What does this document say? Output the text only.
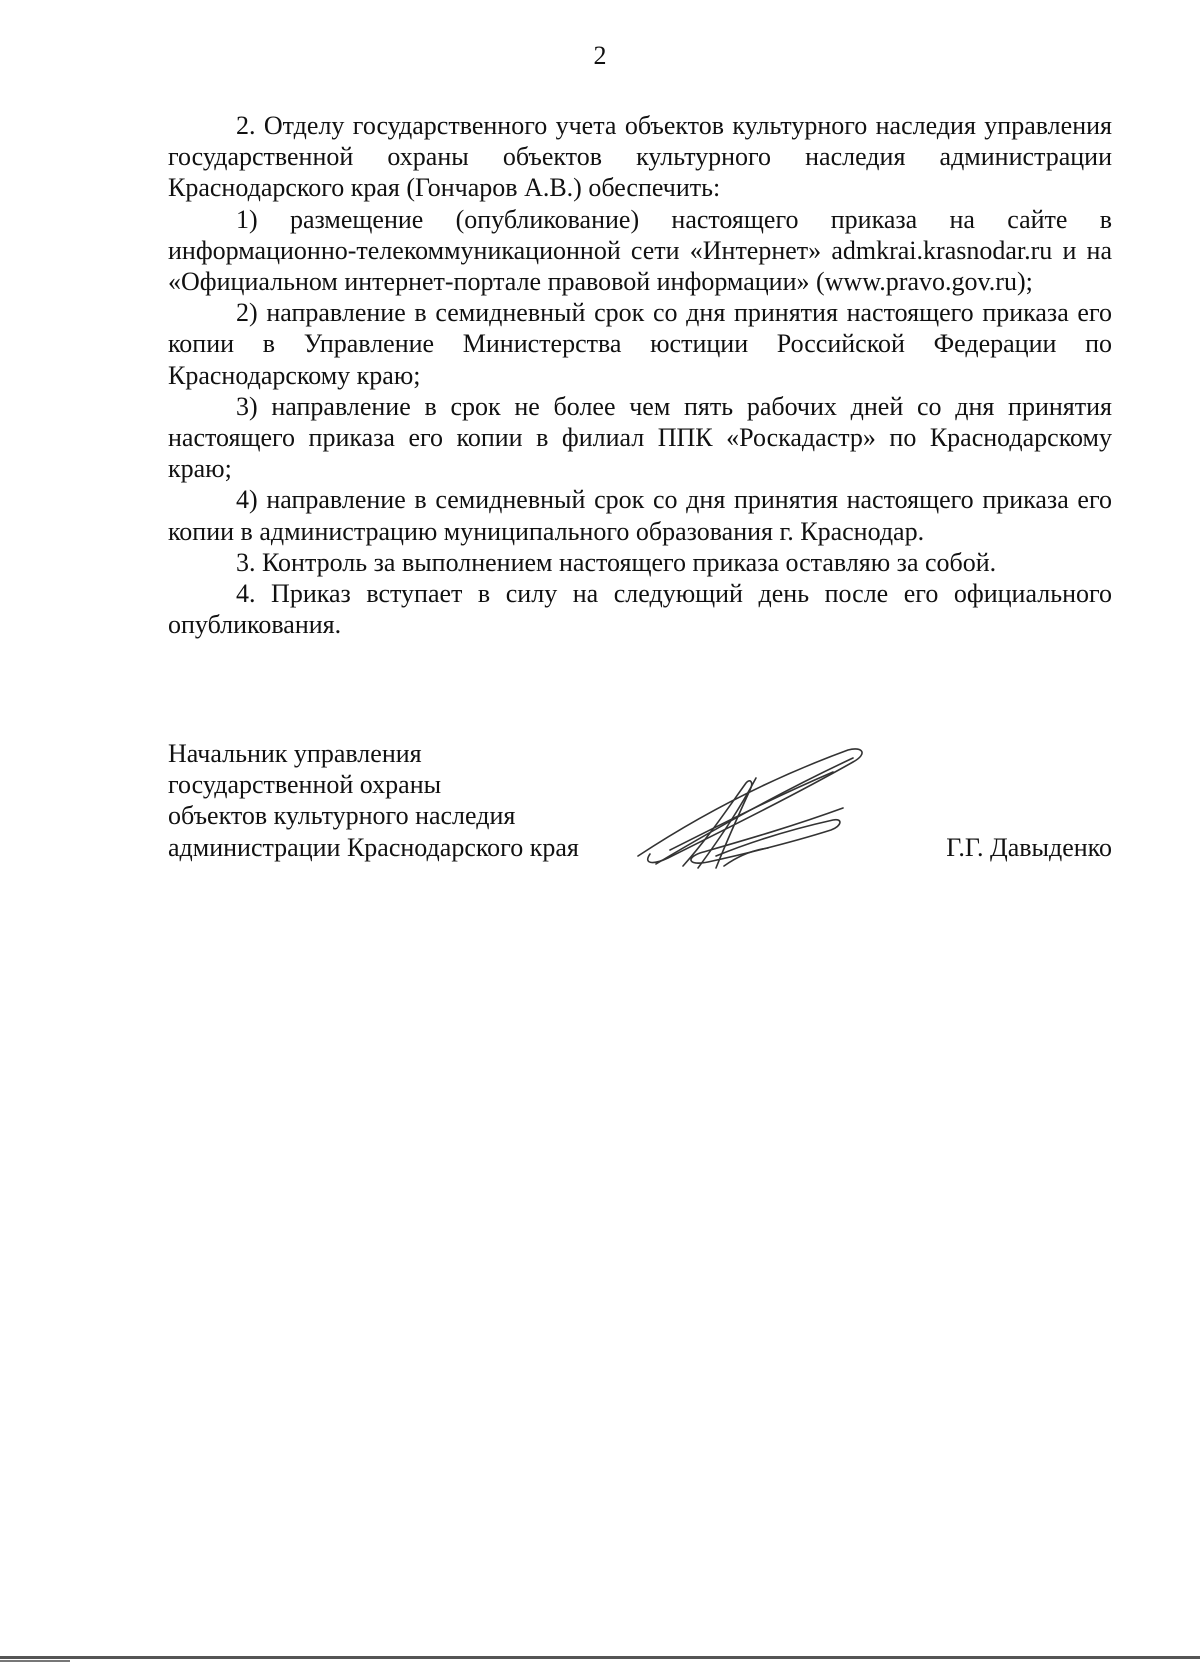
2

2. Отделу государственного учета объектов культурного наследия управления государственной охраны объектов культурного наследия администрации Краснодарского края (Гончаров А.В.) обеспечить:

1) размещение (опубликование) настоящего приказа на сайте в информационно-телекоммуникационной сети «Интернет» admkrai.krasnodar.ru и на «Официальном интернет-портале правовой информации» (www.pravo.gov.ru);

2) направление в семидневный срок со дня принятия настоящего приказа его копии в Управление Министерства юстиции Российской Федерации по Краснодарскому краю;

3) направление в срок не более чем пять рабочих дней со дня принятия настоящего приказа его копии в филиал ППК «Роскадастр» по Краснодарскому краю;

4) направление в семидневный срок со дня принятия настоящего приказа его копии в администрацию муниципального образования г. Краснодар.

3. Контроль за выполнением настоящего приказа оставляю за собой.

4. Приказ вступает в силу на следующий день после его официального опубликования.

Начальник управления
государственной охраны
объектов культурного наследия
администрации Краснодарского края	Г.Г. Давыденко
